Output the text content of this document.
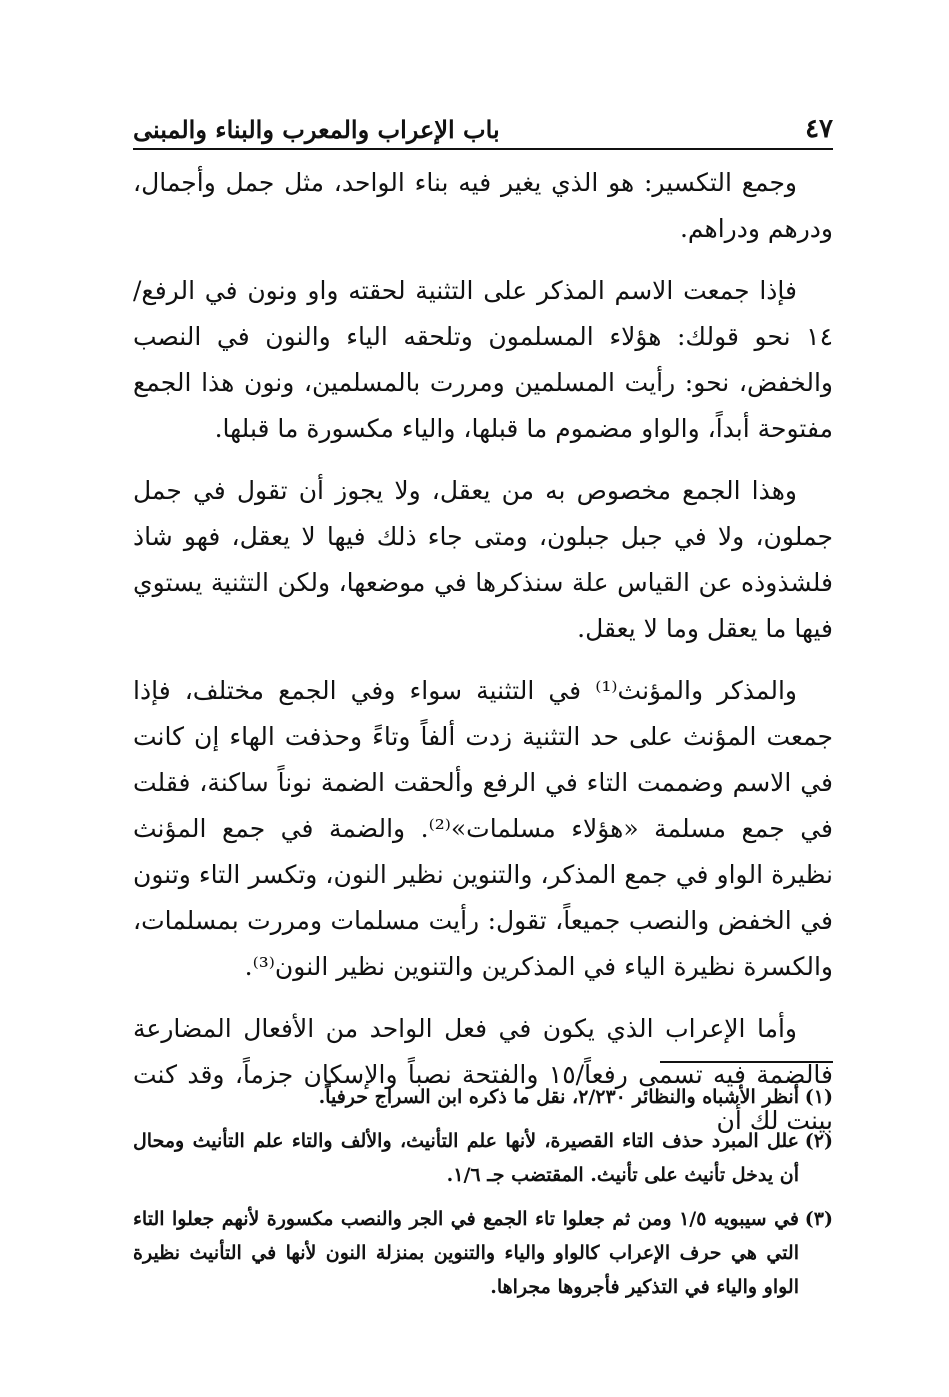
باب الإعراب والمعرب والبناء والمبنى	٤٧

وجمع التكسير: هو الذي يغير فيه بناء الواحد، مثل جمل وأجمال، ودرهم ودراهم.

فإذا جمعت الاسم المذكر على التثنية لحقته واو ونون في الرفع/١٤ نحو قولك: هؤلاء المسلمون وتلحقه الياء والنون في النصب والخفض، نحو: رأيت المسلمين ومررت بالمسلمين، ونون هذا الجمع مفتوحة أبداً، والواو مضموم ما قبلها، والياء مكسورة ما قبلها.

وهذا الجمع مخصوص به من يعقل، ولا يجوز أن تقول في جمل جملون، ولا في جبل جبلون، ومتى جاء ذلك فيها لا يعقل، فهو شاذ فلشذوذه عن القياس علة سنذكرها في موضعها، ولكن التثنية يستوي فيها ما يعقل وما لا يعقل.

والمذكر والمؤنث⁽¹⁾ في التثنية سواء وفي الجمع مختلف، فإذا جمعت المؤنث على حد التثنية زدت ألفاً وتاءً وحذفت الهاء إن كانت في الاسم وضممت التاء في الرفع وألحقت الضمة نوناً ساكنة، فقلت في جمع مسلمة «هؤلاء مسلمات»⁽²⁾. والضمة في جمع المؤنث نظيرة الواو في جمع المذكر، والتنوين نظير النون، وتكسر التاء وتنون في الخفض والنصب جميعاً، تقول: رأيت مسلمات ومررت بمسلمات، والكسرة نظيرة الياء في المذكرين والتنوين نظير النون⁽³⁾.

وأما الإعراب الذي يكون في فعل الواحد من الأفعال المضارعة فالضمة فيه تسمى رفعاً/١٥ والفتحة نصباً والإسكان جزماً، وقد كنت بينت لك أن

(١)أنظر الأشباه والنظائر ٢/٢٣٠، نقل ما ذكره ابن السراج حرفياً.

(٢)علل المبرد حذف التاء القصيرة، لأنها علم التأنيث، والألف والتاء علم التأنيث ومحال أن يدخل تأنيث على تأنيث. المقتضب جـ ١/٦.

(٣)في سيبويه ١/٥ ومن ثم جعلوا تاء الجمع في الجر والنصب مكسورة لأنهم جعلوا التاء التي هي حرف الإعراب كالواو والياء والتنوين بمنزلة النون لأنها في التأنيث نظيرة الواو والياء في التذكير فأجروها مجراها.
